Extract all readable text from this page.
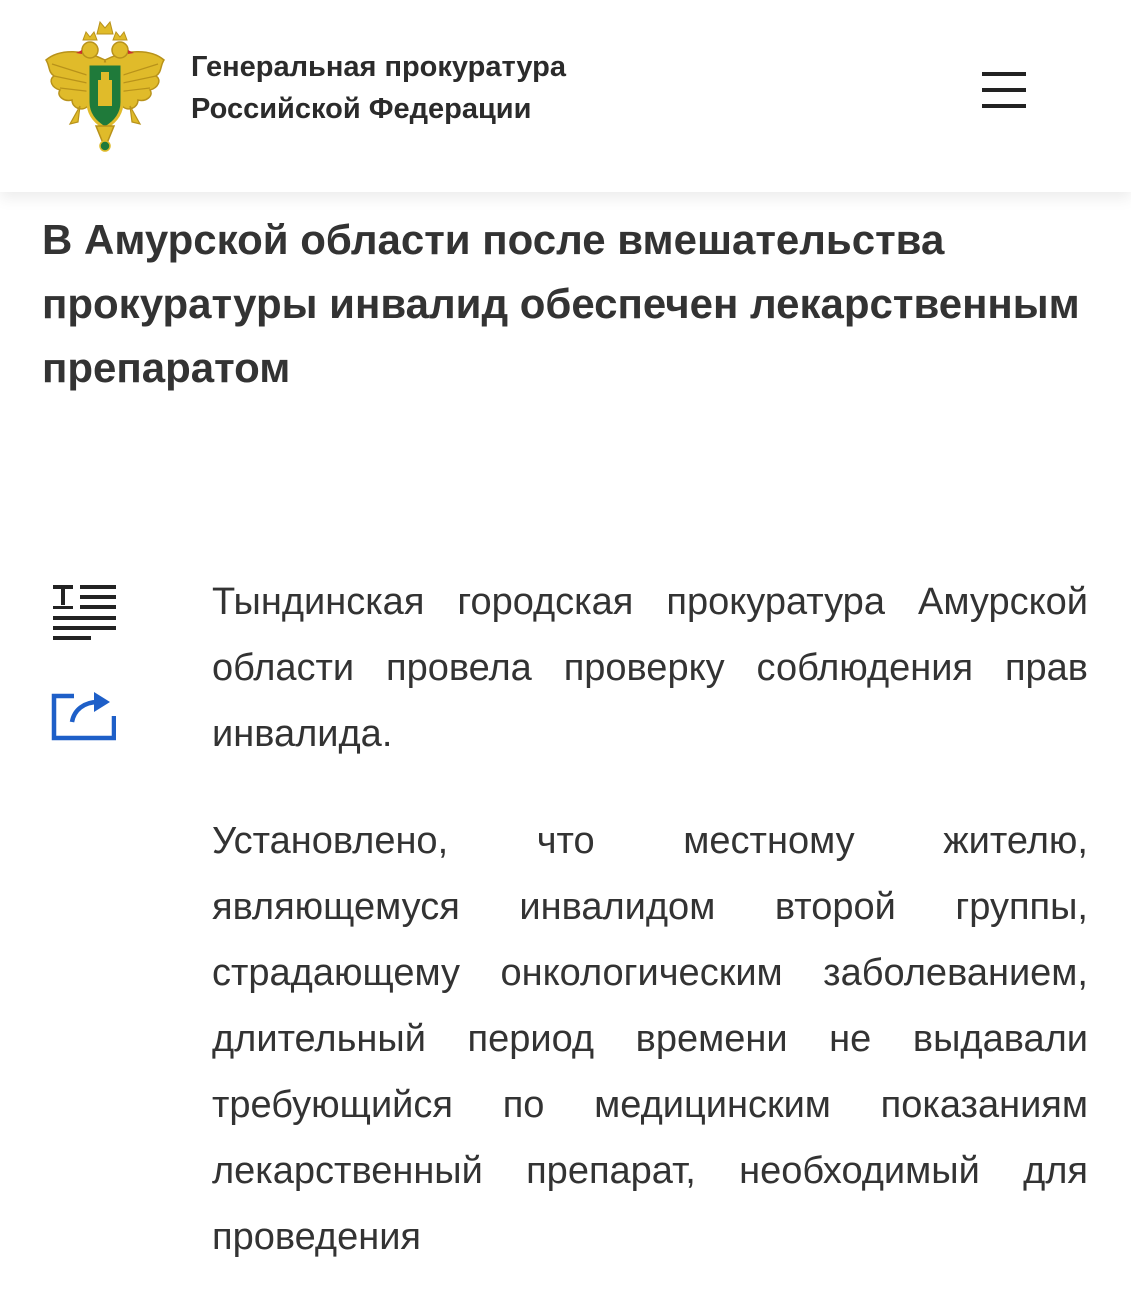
Генеральная прокуратура
Российской Федерации
В Амурской области после вмешательства прокуратуры инвалид обеспечен лекарственным препаратом

Тындинская городская прокуратура Амурской области провела проверку соблюдения прав инвалида.

Установлено, что местному жителю, являющемуся инвалидом второй группы, страдающему онкологическим заболеванием, длительный период времени не выдавали требующийся по медицинским показаниям лекарственный препарат, необходимый для проведения
